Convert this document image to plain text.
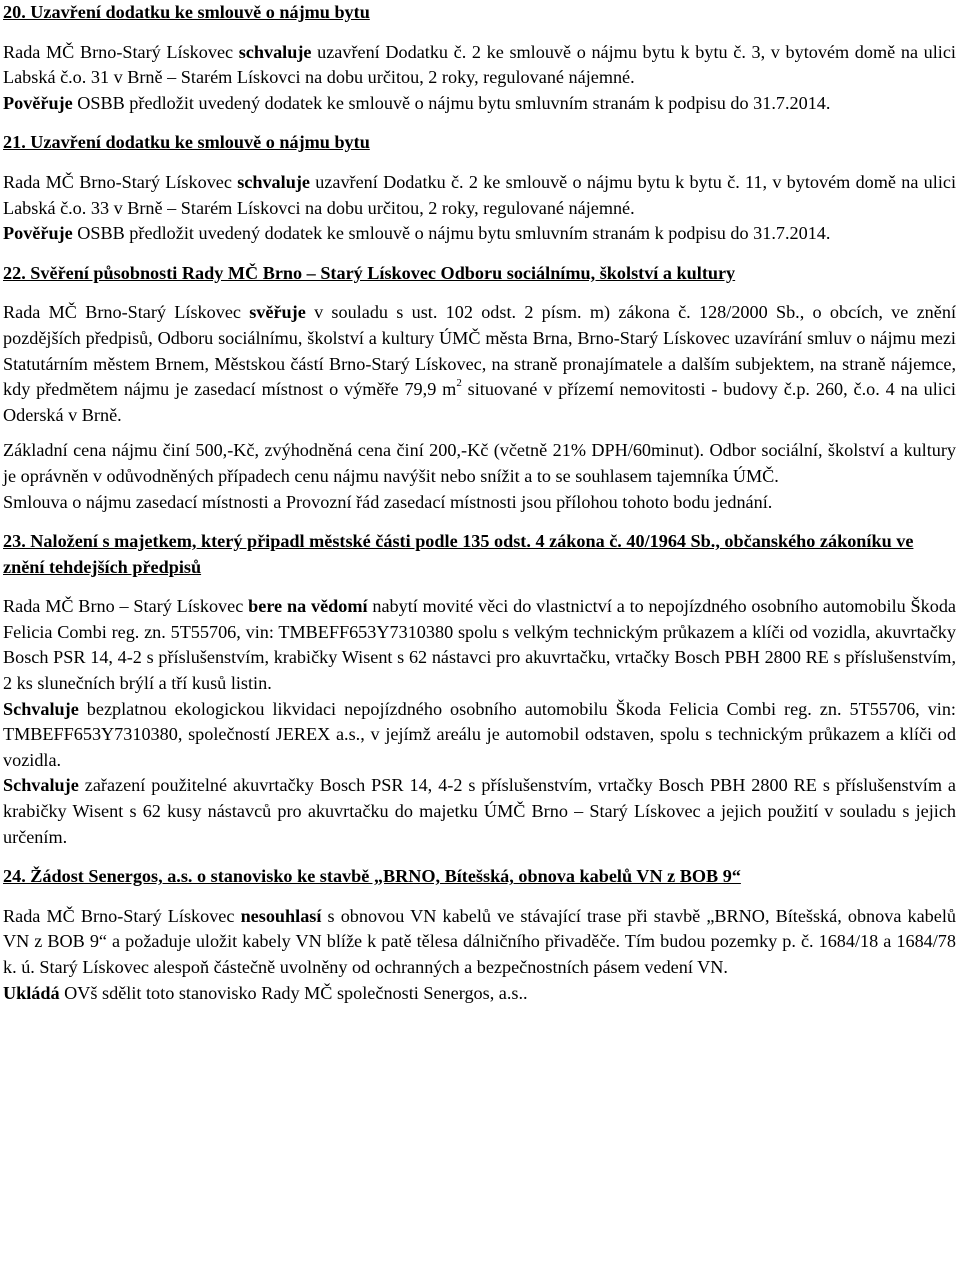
20. Uzavření dodatku ke smlouvě o nájmu bytu

Rada MČ Brno-Starý Lískovec schvaluje uzavření Dodatku č. 2 ke smlouvě o nájmu bytu k bytu č. 3, v bytovém domě na ulici Labská č.o. 31 v Brně – Starém Lískovci na dobu určitou, 2 roky, regulované nájemné.

Pověřuje OSBB předložit uvedený dodatek ke smlouvě o nájmu bytu smluvním stranám k podpisu do 31.7.2014.

21. Uzavření dodatku ke smlouvě o nájmu bytu

Rada MČ Brno-Starý Lískovec schvaluje uzavření Dodatku č. 2 ke smlouvě o nájmu bytu k bytu č. 11, v bytovém domě na ulici Labská č.o. 33 v Brně – Starém Lískovci na dobu určitou, 2 roky, regulované nájemné.

Pověřuje OSBB předložit uvedený dodatek ke smlouvě o nájmu bytu smluvním stranám k podpisu do 31.7.2014.

22. Svěření působnosti Rady MČ Brno – Starý Lískovec Odboru sociálnímu, školství a kultury

Rada MČ Brno-Starý Lískovec svěřuje v souladu s ust. 102 odst. 2 písm. m) zákona č. 128/2000 Sb., o obcích, ve znění pozdějších předpisů, Odboru sociálnímu, školství a kultury ÚMČ města Brna, Brno-Starý Lískovec uzavírání smluv o nájmu mezi Statutárním městem Brnem, Městskou částí Brno-Starý Lískovec, na straně pronajímatele a dalším subjektem, na straně nájemce, kdy předmětem nájmu je zasedací místnost o výměře 79,9 $m^2$ situované v přízemí nemovitosti - budovy č.p. 260, č.o. 4 na ulici Oderská v Brně.

Základní cena nájmu činí 500,-Kč, zvýhodněná cena činí 200,-Kč (včetně 21% DPH/60minut). Odbor sociální, školství a kultury je oprávněn v odůvodněných případech cenu nájmu navýšit nebo snížit a to se souhlasem tajemníka ÚMČ.

Smlouva o nájmu zasedací místnosti a Provozní řád zasedací místnosti jsou přílohou tohoto bodu jednání.

23. Naložení s majetkem, který připadl městské části podle 135 odst. 4 zákona č. 40/1964 Sb., občanského zákoníku ve znění tehdejších předpisů

Rada MČ Brno – Starý Lískovec bere na vědomí nabytí movité věci do vlastnictví a to nepojízdného osobního automobilu Škoda Felicia Combi reg. zn. 5T55706, vin: TMBEFF653Y7310380 spolu s velkým technickým průkazem a klíči od vozidla, akuvrtačky Bosch PSR 14, 4-2 s příslušenstvím, krabičky Wisent s 62 nástavci pro akuvrtačku, vrtačky Bosch PBH 2800 RE s příslušenstvím, 2 ks slunečních brýlí a tří kusů listin.

Schvaluje bezplatnou ekologickou likvidaci nepojízdného osobního automobilu Škoda Felicia Combi reg. zn. 5T55706, vin: TMBEFF653Y7310380, společností JEREX a.s., v jejímž areálu je automobil odstaven, spolu s technickým průkazem a klíči od vozidla.

Schvaluje zařazení použitelné akuvrtačky Bosch PSR 14, 4-2 s příslušenstvím, vrtačky Bosch PBH 2800 RE s příslušenstvím a krabičky Wisent s 62 kusy nástavců pro akuvrtačku do majetku ÚMČ Brno – Starý Lískovec a jejich použití v souladu s jejich určením.

24. Žádost Senergos, a.s. o stanovisko ke stavbě „BRNO, Bítešská, obnova kabelů VN z BOB 9“

Rada MČ Brno-Starý Lískovec nesouhlasí s obnovou VN kabelů ve stávající trase při stavbě „BRNO, Bítešská, obnova kabelů VN z BOB 9“ a požaduje uložit kabely VN blíže k patě tělesa dálničního přivaděče. Tím budou pozemky p. č. 1684/18 a 1684/78 k. ú. Starý Lískovec alespoň částečně uvolněny od ochranných a bezpečnostních pásem vedení VN.

Ukládá OVš sdělit toto stanovisko Rady MČ společnosti Senergos, a.s..
